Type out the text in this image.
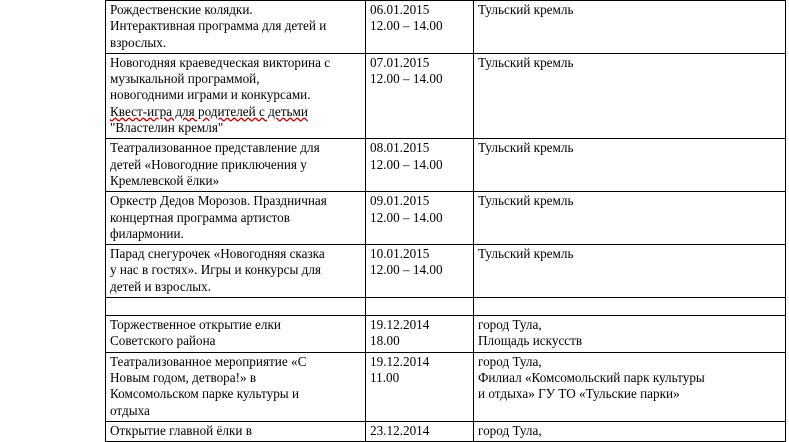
Рождественские колядки.
Интерактивная программа для детей и
взрослых.	06.01.2015
12.00 – 14.00	Тульский кремль

Новогодняя краеведческая викторина с
музыкальной программой,
новогодними играми и конкурсами.
Квест-игра для родителей с детьми
"Властелин кремля"	07.01.2015
12.00 – 14.00	Тульский кремль

Театрализованное представление для
детей «Новогодние приключения у
Кремлевской ёлки»	08.01.2015
12.00 – 14.00	Тульский кремль

Оркестр Дедов Морозов. Праздничная
концертная программа артистов
филармонии.	09.01.2015
12.00 – 14.00	Тульский кремль

Парад снегурочек «Новогодняя сказка
у нас в гостях». Игры и конкурсы для
детей и взрослых.	10.01.2015
12.00 – 14.00	Тульский кремль

Торжественное открытие елки
Советского района	19.12.2014
18.00	город Тула,
Площадь искусств

Театрализованное мероприятие «С
Новым годом, детвора!» в
Комсомольском парке культуры и
отдыха	19.12.2014
11.00	город Тула,
Филиал «Комсомольский парк культуры
и отдыха» ГУ ТО «Тульские парки»

Открытие главной ёлки в	23.12.2014	город Тула,
